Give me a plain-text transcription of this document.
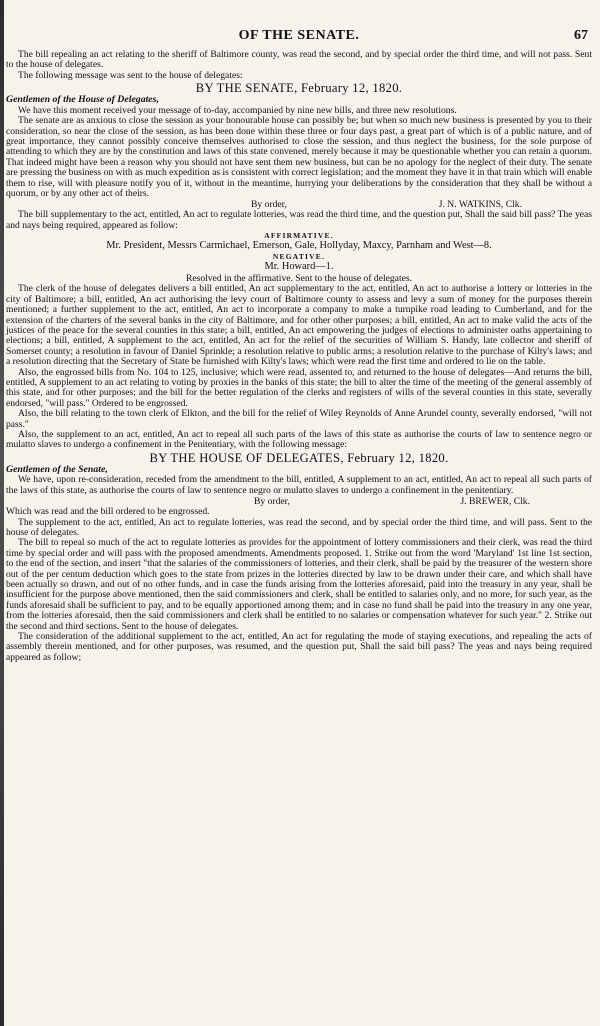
OF THE SENATE.	67

The bill repealing an act relating to the sheriff of Baltimore county, was read the second, and by special order the third time, and will not pass. Sent to the house of delegates.

The following message was sent to the house of delegates:

BY THE SENATE, February 12, 1820.
Gentlemen of the House of Delegates,

We have this moment received your message of to-day, accompanied by nine new bills, and three new resolutions.

The senate are as anxious to close the session as your honourable house can possibly be; but when so much new business is presented by you to their consideration, so near the close of the session, as has been done within these three or four days past, a great part of which is of a public nature, and of great importance, they cannot possibly conceive themselves authorised to close the session, and thus neglect the business, for the sole purpose of attending to which they are by the constitution and laws of this state convened, merely because it may be questionable whether you can retain a quorum. That indeed might have been a reason why you should not have sent them new business, but can be no apology for the neglect of their duty. The senate are pressing the business on with as much expedition as is consistent with correct legislation; and the moment they have it in that train which will enable them to rise, will with pleasure notify you of it, without in the meantime, hurrying your deliberations by the consideration that they shall be without a quorum, or by any other act of theirs.

By order,	J. N. WATKINS, Clk.

The bill supplementary to the act, entitled, An act to regulate lotteries, was read the third time, and the question put, Shall the said bill pass? The yeas and nays being required, appeared as follow:

AFFIRMATIVE.
Mr. President, Messrs Carmichael, Emerson, Gale, Hollyday, Maxcy, Parnham and West—8.
NEGATIVE.
Mr. Howard—1.
Resolved in the affirmative. Sent to the house of delegates.

The clerk of the house of delegates delivers a bill entitled, An act supplementary to the act, entitled, An act to authorise a lottery or lotteries in the city of Baltimore; a bill, entitled, An act authorising the levy court of Baltimore county to assess and levy a sum of money for the purposes therein mentioned; a further supplement to the act, entitled, An act to incorporate a company to make a turnpike road leading to Cumberland, and for the extension of the charters of the several banks in the city of Baltimore, and for other other purposes; a bill, entitled, An act to make valid the acts of the justices of the peace for the several counties in this state; a bill, entitled, An act empowering the judges of elections to administer oaths appertaining to elections; a bill, entitled, A supplement to the act, entitled, An act for the relief of the securities of William S. Handy, late collector and sheriff of Somerset county; a resolution in favour of Daniel Sprinkle; a resolution relative to public arms; a resolution relative to the purchase of Kilty's laws; and a resolution directing that the Secretary of State be furnished with Kilty's laws; which were read the first time and ordered to lie on the table.

Also, the engrossed bills from No. 104 to 125, inclusive; which were read, assented to, and returned to the house of delegates—And returns the bill, entitled, A supplement to an act relating to voting by proxies in the banks of this state; the bill to alter the time of the meeting of the general assembly of this state, and for other purposes; and the bill for the better regulation of the clerks and registers of wills of the several counties in this state, severally endorsed, "will pass." Ordered to be engrossed.

Also, the bill relating to the town clerk of Elkton, and the bill for the relief of Wiley Reynolds of Anne Arundel county, severally endorsed, "will not pass."

Also, the supplement to an act, entitled, An act to repeal all such parts of the laws of this state as authorise the courts of law to sentence negro or mulatto slaves to undergo a confinement in the Penitentiary, with the following message:

BY THE HOUSE OF DELEGATES, February 12, 1820.
Gentlemen of the Senate,

We have, upon re-consideration, receded from the amendment to the bill, entitled, A supplement to an act, entitled, An act to repeal all such parts of the laws of this state, as authorise the courts of law to sentence negro or mulatto slaves to undergo a confinement in the penitentiary.

By order,	J. BREWER, Clk.

Which was read and the bill ordered to be engrossed.

The supplement to the act, entitled, An act to regulate lotteries, was read the second, and by special order the third time, and will pass. Sent to the house of delegates.

The bill to repeal so much of the act to regulate lotteries as provides for the appointment of lottery commissioners and their clerk, was read the third time by special order and will pass with the proposed amendments. Amendments proposed. 1. Strike out from the word 'Maryland' 1st line 1st section, to the end of the section, and insert "that the salaries of the commissioners of lotteries, and their clerk, shall be paid by the treasurer of the western shore out of the per centum deduction which goes to the state from prizes in the lotteries directed by law to be drawn under their care, and which shall have been actually so drawn, and out of no other funds, and in case the funds arising from the lotteries aforesaid, paid into the treasury in any year, shall be insufficient for the purpose above mentioned, then the said commissioners and clerk, shall be entitled to salaries only, and no more, for such year, as the funds aforesaid shall be sufficient to pay, and to be equally apportioned among them; and in case no fund shall be paid into the treasury in any one year, from the lotteries aforesaid, then the said commissioners and clerk shall be entitled to no salaries or compensation whatever for such year." 2. Strike out the second and third sections. Sent to the house of delegates.

The consideration of the additional supplement to the act, entitled, An act for regulating the mode of staying executions, and repealing the acts of assembly therein mentioned, and for other purposes, was resumed, and the question put, Shall the said bill pass? The yeas and nays being required appeared as follow;
